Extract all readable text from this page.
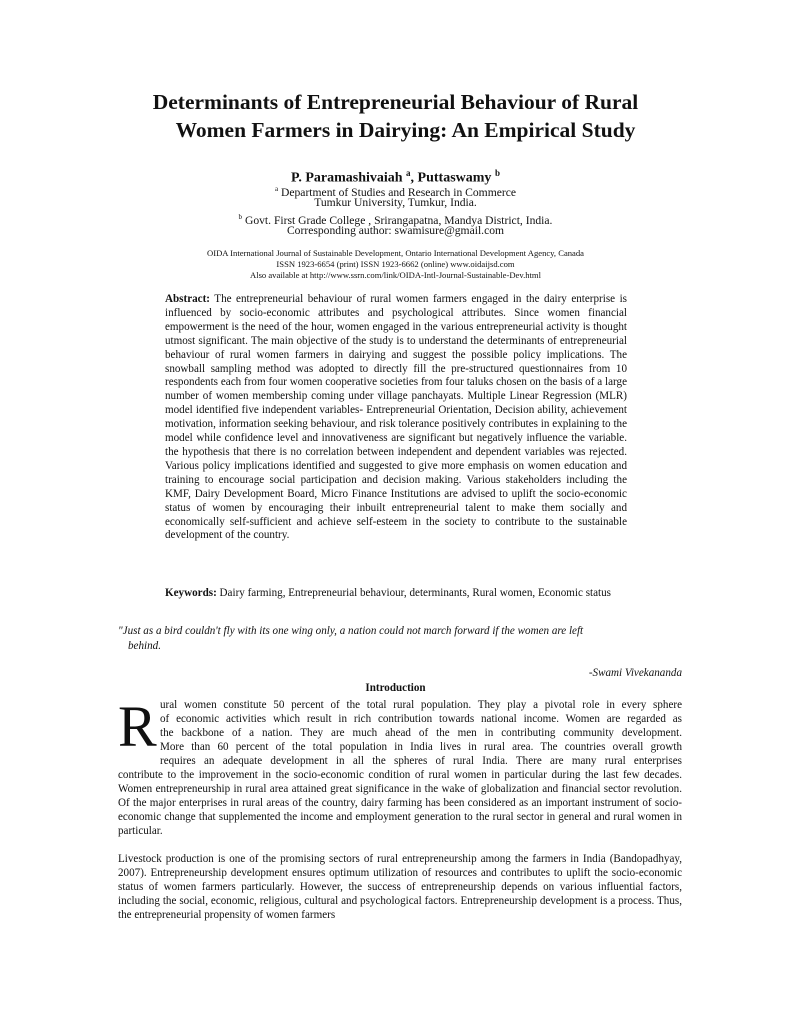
Determinants of Entrepreneurial Behaviour of Rural
Women Farmers in Dairying: An Empirical Study
P. Paramashivaiah $^a$, Puttaswamy $^b$
$^a$ Department of Studies and Research in Commerce
Tumkur University, Tumkur, India.
$^b$ Govt. First Grade College , Srirangapatna, Mandya District, India.
Corresponding author: swamisure@gmail.com
OIDA International Journal of Sustainable Development, Ontario International Development Agency, Canada
ISSN 1923-6654 (print) ISSN 1923-6662 (online) www.oidaijsd.com
Also available at http://www.ssrn.com/link/OIDA-Intl-Journal-Sustainable-Dev.html
Abstract: The entrepreneurial behaviour of rural women farmers engaged in the dairy enterprise is influenced by socio-economic attributes and psychological attributes. Since women financial empowerment is the need of the hour, women engaged in the various entrepreneurial activity is thought utmost significant. The main objective of the study is to understand the determinants of entrepreneurial behaviour of rural women farmers in dairying and suggest the possible policy implications. The snowball sampling method was adopted to directly fill the pre-structured questionnaires from 10 respondents each from four women cooperative societies from four taluks chosen on the basis of a large number of women membership coming under village panchayats. Multiple Linear Regression (MLR) model identified five independent variables- Entrepreneurial Orientation, Decision ability, achievement motivation, information seeking behaviour, and risk tolerance positively contributes in explaining to the model while confidence level and innovativeness are significant but negatively influence the variable. the hypothesis that there is no correlation between independent and dependent variables was rejected. Various policy implications identified and suggested to give more emphasis on women education and training to encourage social participation and decision making. Various stakeholders including the KMF, Dairy Development Board, Micro Finance Institutions are advised to uplift the socio-economic status of women by encouraging their inbuilt entrepreneurial talent to make them socially and economically self-sufficient and achieve self-esteem in the society to contribute to the sustainable development of the country.
Keywords: Dairy farming, Entrepreneurial behaviour, determinants, Rural women, Economic status
"Just as a bird couldn't fly with its one wing only, a nation could not march forward if the women are left
behind.
-Swami Vivekananda
Introduction
R ural women constitute 50 percent of the total rural population. They play a pivotal role in every sphere
of economic activities which result in rich contribution towards national income. Women are regarded as
the backbone of a nation. They are much ahead of the men in contributing community development.
More than 60 percent of the total population in India lives in rural area. The countries overall growth
requires an adequate development in all the spheres of rural India. There are many rural enterprises
contribute to the improvement in the socio-economic condition of rural women in particular during the last few decades. Women entrepreneurship in rural area attained great significance in the wake of globalization and financial sector revolution. Of the major enterprises in rural areas of the country, dairy farming has been considered as an important instrument of socio-economic change that supplemented the income and employment generation to the rural sector in general and rural women in particular.
Livestock production is one of the promising sectors of rural entrepreneurship among the farmers in India (Bandopadhyay, 2007). Entrepreneurship development ensures optimum utilization of resources and contributes to uplift the socio-economic status of women farmers particularly. However, the success of entrepreneurship depends on various influential factors, including the social, economic, religious, cultural and psychological factors. Entrepreneurship development is a process. Thus, the entrepreneurial propensity of women farmers
